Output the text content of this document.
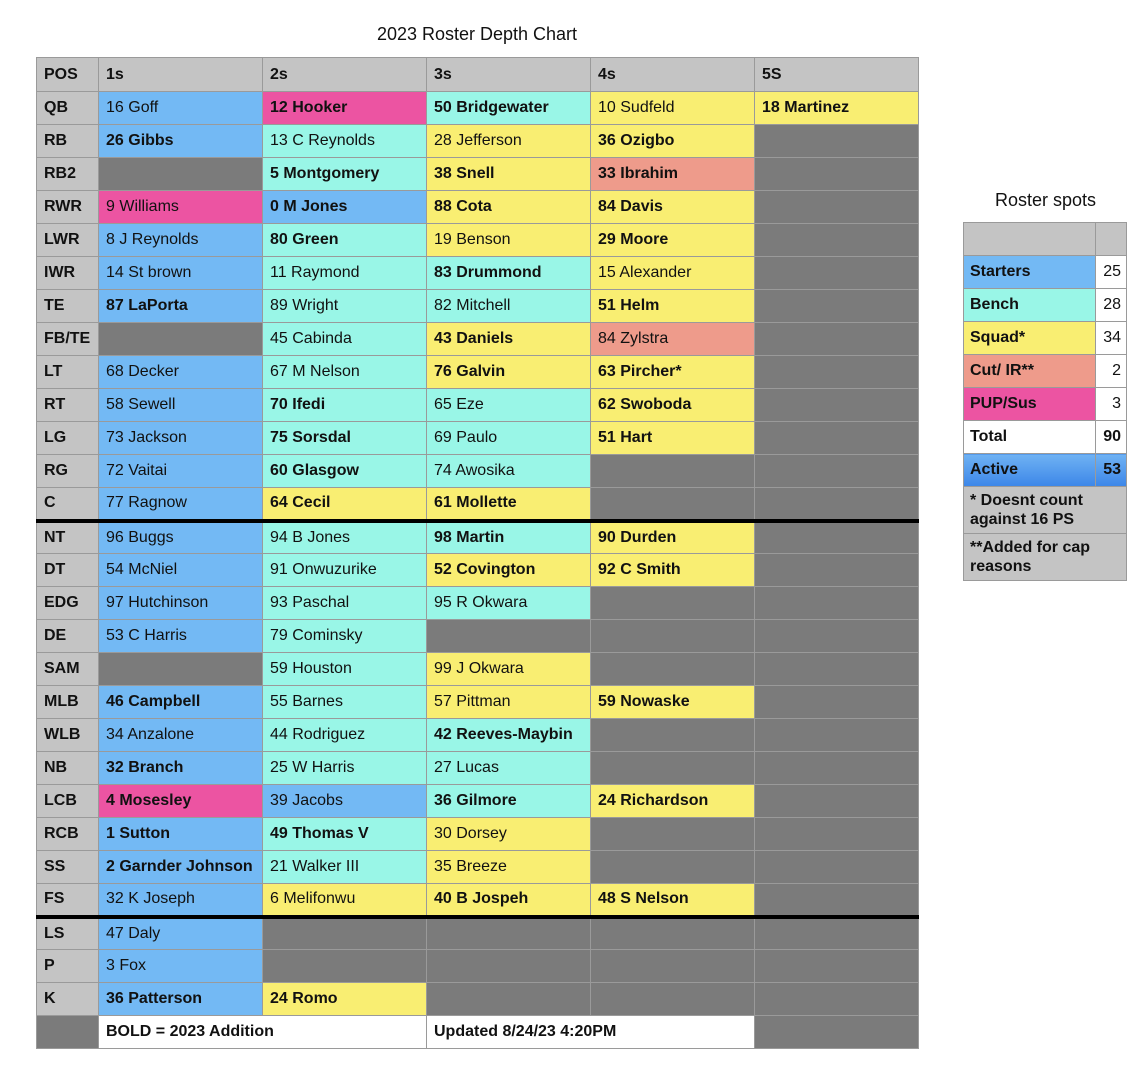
2023 Roster Depth Chart
POS	1s	2s	3s	4s	5S
QB	16 Goff	12 Hooker	50 Bridgewater	10 Sudfeld	18 Martinez
RB	26 Gibbs	13 C Reynolds	28 Jefferson	36 Ozigbo	
RB2		5 Montgomery	38 Snell	33 Ibrahim	
RWR	9 Williams	0 M Jones	88 Cota	84 Davis	
LWR	8 J Reynolds	80 Green	19 Benson	29 Moore	
IWR	14 St brown	11 Raymond	83 Drummond	15 Alexander	
TE	87 LaPorta	89 Wright	82 Mitchell	51 Helm	
FB/TE		45 Cabinda	43 Daniels	84 Zylstra	
LT	68 Decker	67 M Nelson	76 Galvin	63 Pircher*	
RT	58 Sewell	70 Ifedi	65 Eze	62 Swoboda	
LG	73 Jackson	75 Sorsdal	69 Paulo	51 Hart	
RG	72 Vaitai	60 Glasgow	74 Awosika		
C	77 Ragnow	64 Cecil	61 Mollette		
NT	96 Buggs	94 B Jones	98 Martin	90 Durden	
DT	54 McNiel	91 Onwuzurike	52 Covington	92 C Smith	
EDG	97 Hutchinson	93 Paschal	95 R Okwara		
DE	53 C Harris	79 Cominsky			
SAM		59 Houston	99 J Okwara		
MLB	46 Campbell	55 Barnes	57 Pittman	59 Nowaske	
WLB	34 Anzalone	44 Rodriguez	42 Reeves-Maybin		
NB	32 Branch	25 W Harris	27 Lucas		
LCB	4 Mosesley	39 Jacobs	36 Gilmore	24 Richardson	
RCB	1 Sutton	49 Thomas V	30 Dorsey		
SS	2 Garnder Johnson	21 Walker III	35 Breeze		
FS	32 K Joseph	6 Melifonwu	40 B Jospeh	48 S Nelson	
LS	47 Daly				
P	3 Fox				
K	36 Patterson	24 Romo			
	BOLD = 2023 Addition		Updated 8/24/23 4:20PM		
Roster spots

Starters	25
Bench	28
Squad*	34
Cut/ IR**	2
PUP/Sus	3
Total	90
Active	53
* Doesnt count against 16 PS	
**Added for cap reasons	
